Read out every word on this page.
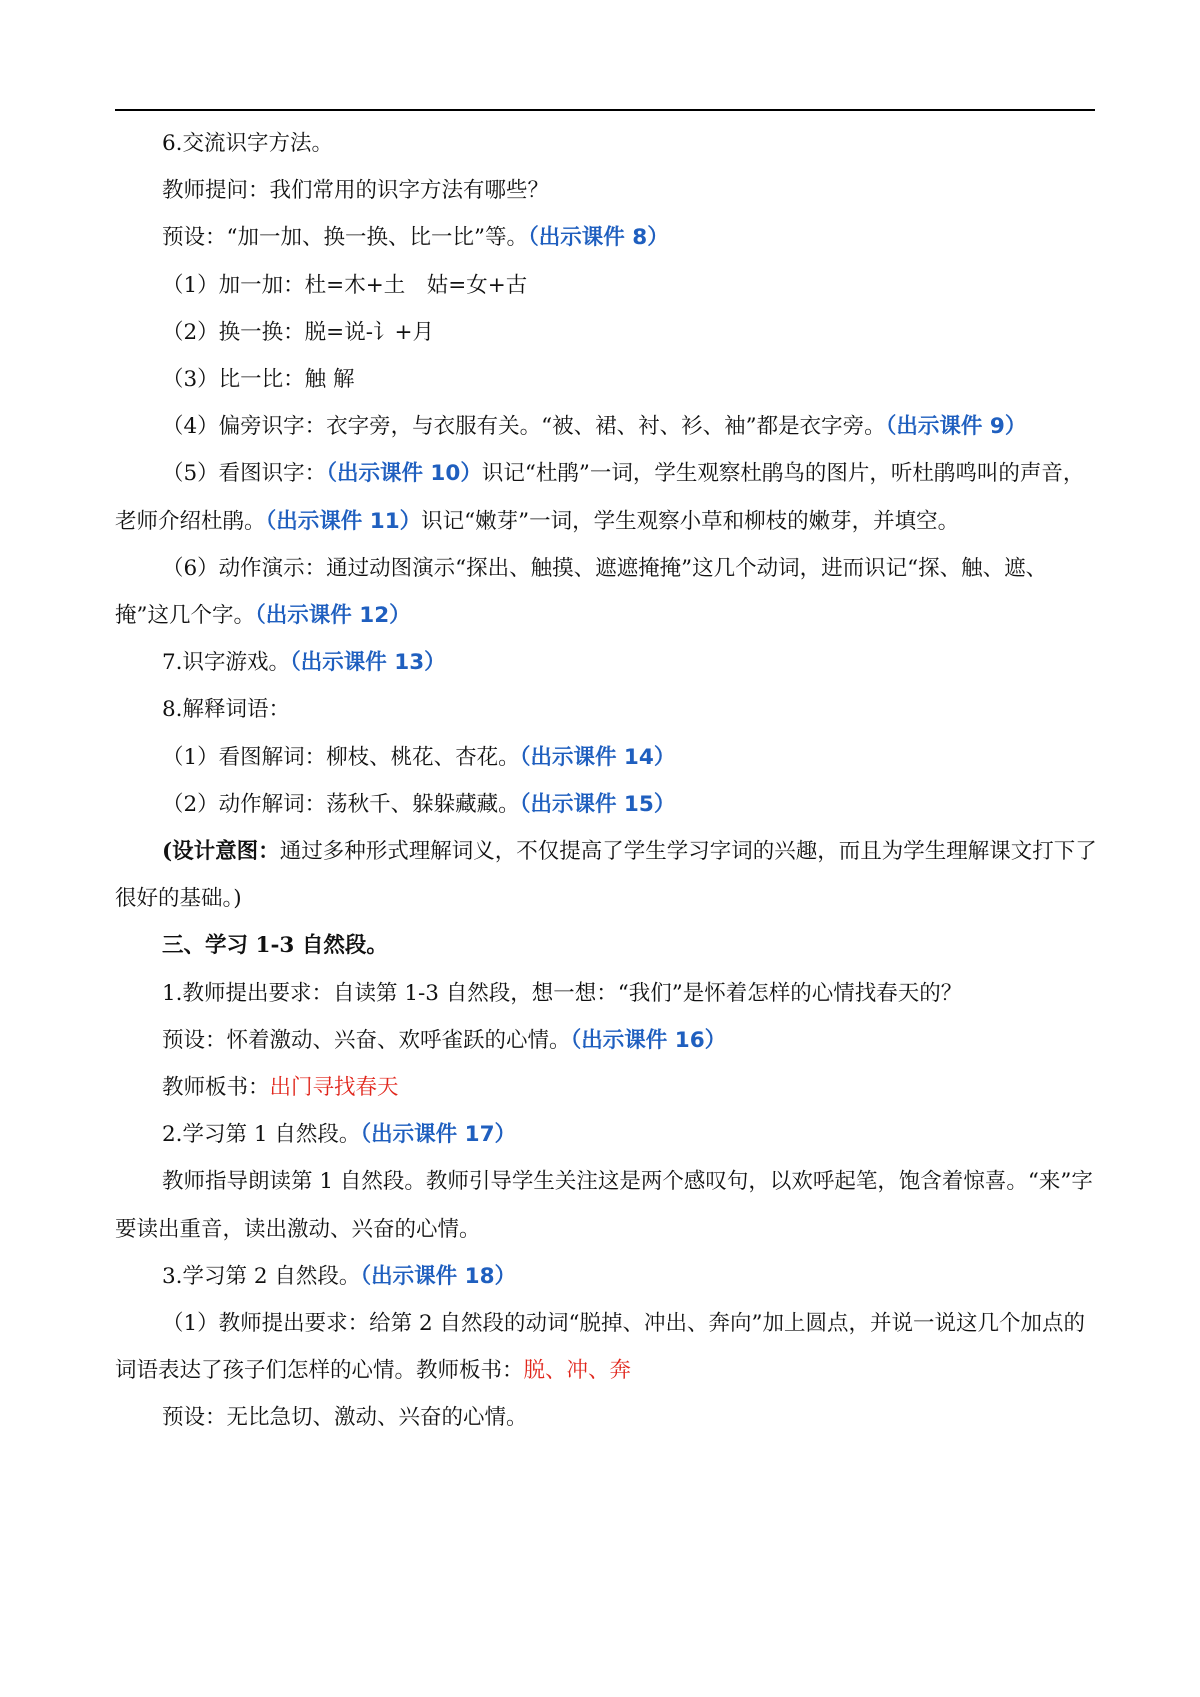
6.交流识字方法。

教师提问：我们常用的识字方法有哪些？

预设：“加一加、换一换、比一比”等。（出示课件 8）

（1）加一加：杜=木+土　姑=女+古

（2）换一换：脱=说-讠+月

（3）比一比：触 解

（4）偏旁识字：衣字旁，与衣服有关。“被、裙、衬、衫、袖”都是衣字旁。（出示课件 9）

（5）看图识字：（出示课件 10）识记“杜鹃”一词，学生观察杜鹃鸟的图片，听杜鹃鸣叫的声音，老师介绍杜鹃。（出示课件 11）识记“嫩芽”一词，学生观察小草和柳枝的嫩芽，并填空。

（6）动作演示：通过动图演示“探出、触摸、遮遮掩掩”这几个动词，进而识记“探、触、遮、掩”这几个字。（出示课件 12）

7.识字游戏。（出示课件 13）

8.解释词语：

（1）看图解词：柳枝、桃花、杏花。（出示课件 14）

（2）动作解词：荡秋千、躲躲藏藏。（出示课件 15）

(设计意图：通过多种形式理解词义，不仅提高了学生学习字词的兴趣，而且为学生理解课文打下了很好的基础。)

三、学习 1-3 自然段。

1.教师提出要求：自读第 1-3 自然段，想一想：“我们”是怀着怎样的心情找春天的？

预设：怀着激动、兴奋、欢呼雀跃的心情。（出示课件 16）

教师板书：出门寻找春天

2.学习第 1 自然段。（出示课件 17）

教师指导朗读第 1 自然段。教师引导学生关注这是两个感叹句，以欢呼起笔，饱含着惊喜。“来”字要读出重音，读出激动、兴奋的心情。

3.学习第 2 自然段。（出示课件 18）

（1）教师提出要求：给第 2 自然段的动词“脱掉、冲出、奔向”加上圆点，并说一说这几个加点的词语表达了孩子们怎样的心情。教师板书：脱、冲、奔

预设：无比急切、激动、兴奋的心情。
